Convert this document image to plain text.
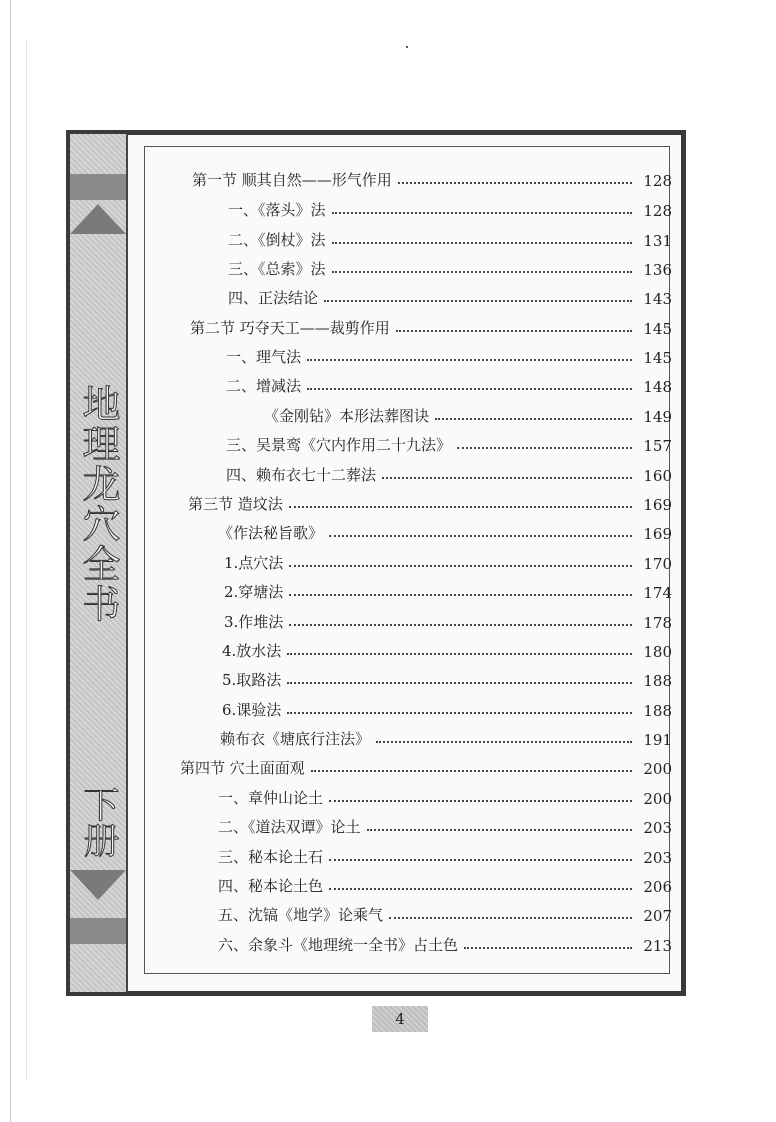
地理龙穴全书
下册
第一节 顺其自然——形气作用	128
一、《落头》法	128
二、《倒杖》法	131
三、《总索》法	136
四、正法结论	143
第二节 巧夺天工——裁剪作用	145
一、理气法	145
二、增减法	148
《金刚钻》本形法葬图诀	149
三、吴景鸾《穴内作用二十九法》	157
四、赖布衣七十二葬法	160
第三节 造坟法	169
《作法秘旨歌》	169
1.点穴法	170
2.穿塘法	174
3.作堆法	178
4.放水法	180
5.取路法	188
6.课验法	188
赖布衣《塘底行注法》	191
第四节 穴土面面观	200
一、章仲山论土	200
二、《道法双谭》论土	203
三、秘本论土石	203
四、秘本论土色	206
五、沈镐《地学》论乘气	207
六、余象斗《地理统一全书》占土色	213
4
